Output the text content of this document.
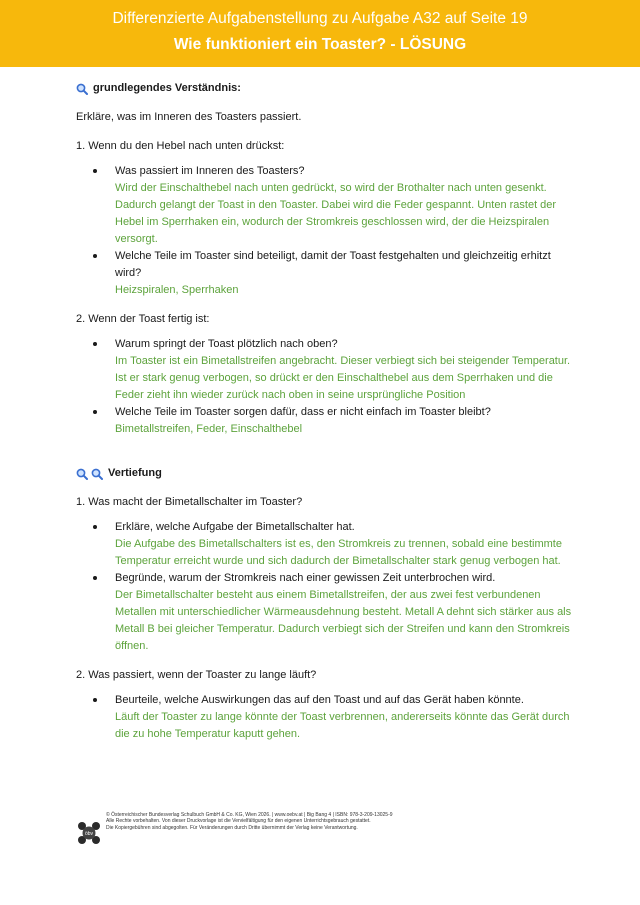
Differenzierte Aufgabenstellung zu Aufgabe A32 auf Seite 19
Wie funktioniert ein Toaster? - LÖSUNG
grundlegendes Verständnis:
Erkläre, was im Inneren des Toasters passiert.
1. Wenn du den Hebel nach unten drückst:
Was passiert im Inneren des Toasters?
Wird der Einschalthebel nach unten gedrückt, so wird der Brothalter nach unten gesenkt. Dadurch gelangt der Toast in den Toaster. Dabei wird die Feder gespannt. Unten rastet der Hebel im Sperrhaken ein, wodurch der Stromkreis geschlossen wird, der die Heizspiralen versorgt.
Welche Teile im Toaster sind beteiligt, damit der Toast festgehalten und gleichzeitig erhitzt wird?
Heizspiralen, Sperrhaken
2. Wenn der Toast fertig ist:
Warum springt der Toast plötzlich nach oben?
Im Toaster ist ein Bimetallstreifen angebracht. Dieser verbiegt sich bei steigender Temperatur. Ist er stark genug verbogen, so drückt er den Einschalthebel aus dem Sperrhaken und die Feder zieht ihn wieder zurück nach oben in seine ursprüngliche Position
Welche Teile im Toaster sorgen dafür, dass er nicht einfach im Toaster bleibt?
Bimetallstreifen, Feder, Einschalthebel
Vertiefung
1. Was macht der Bimetallschalter im Toaster?
Erkläre, welche Aufgabe der Bimetallschalter hat.
Die Aufgabe des Bimetallschalters ist es, den Stromkreis zu trennen, sobald eine bestimmte Temperatur erreicht wurde und sich dadurch der Bimetallschalter stark genug verbogen hat.
Begründe, warum der Stromkreis nach einer gewissen Zeit unterbrochen wird.
Der Bimetallschalter besteht aus einem Bimetallstreifen, der aus zwei fest verbundenen Metallen mit unterschiedlicher Wärmeausdehnung besteht. Metall A dehnt sich stärker aus als Metall B bei gleicher Temperatur. Dadurch verbiegt sich der Streifen und kann den Stromkreis öffnen.
2. Was passiert, wenn der Toaster zu lange läuft?
Beurteile, welche Auswirkungen das auf den Toast und auf das Gerät haben könnte.
Läuft der Toaster zu lange könnte der Toast verbrennen, andererseits könnte das Gerät durch die zu hohe Temperatur kaputt gehen.
öbv
© Österreichischer Bundesverlag Schulbuch GmbH & Co. KG, Wien 2026. | www.oebv.at | Big Bang 4 | ISBN: 978-3-209-13025-9
Alle Rechte vorbehalten. Von dieser Druckvorlage ist die Vervielfältigung für den eigenen Unterrichtsgebrauch gestattet.
Die Kopiergebühren sind abgegolten. Für Veränderungen durch Dritte übernimmt der Verlag keine Verantwortung.
